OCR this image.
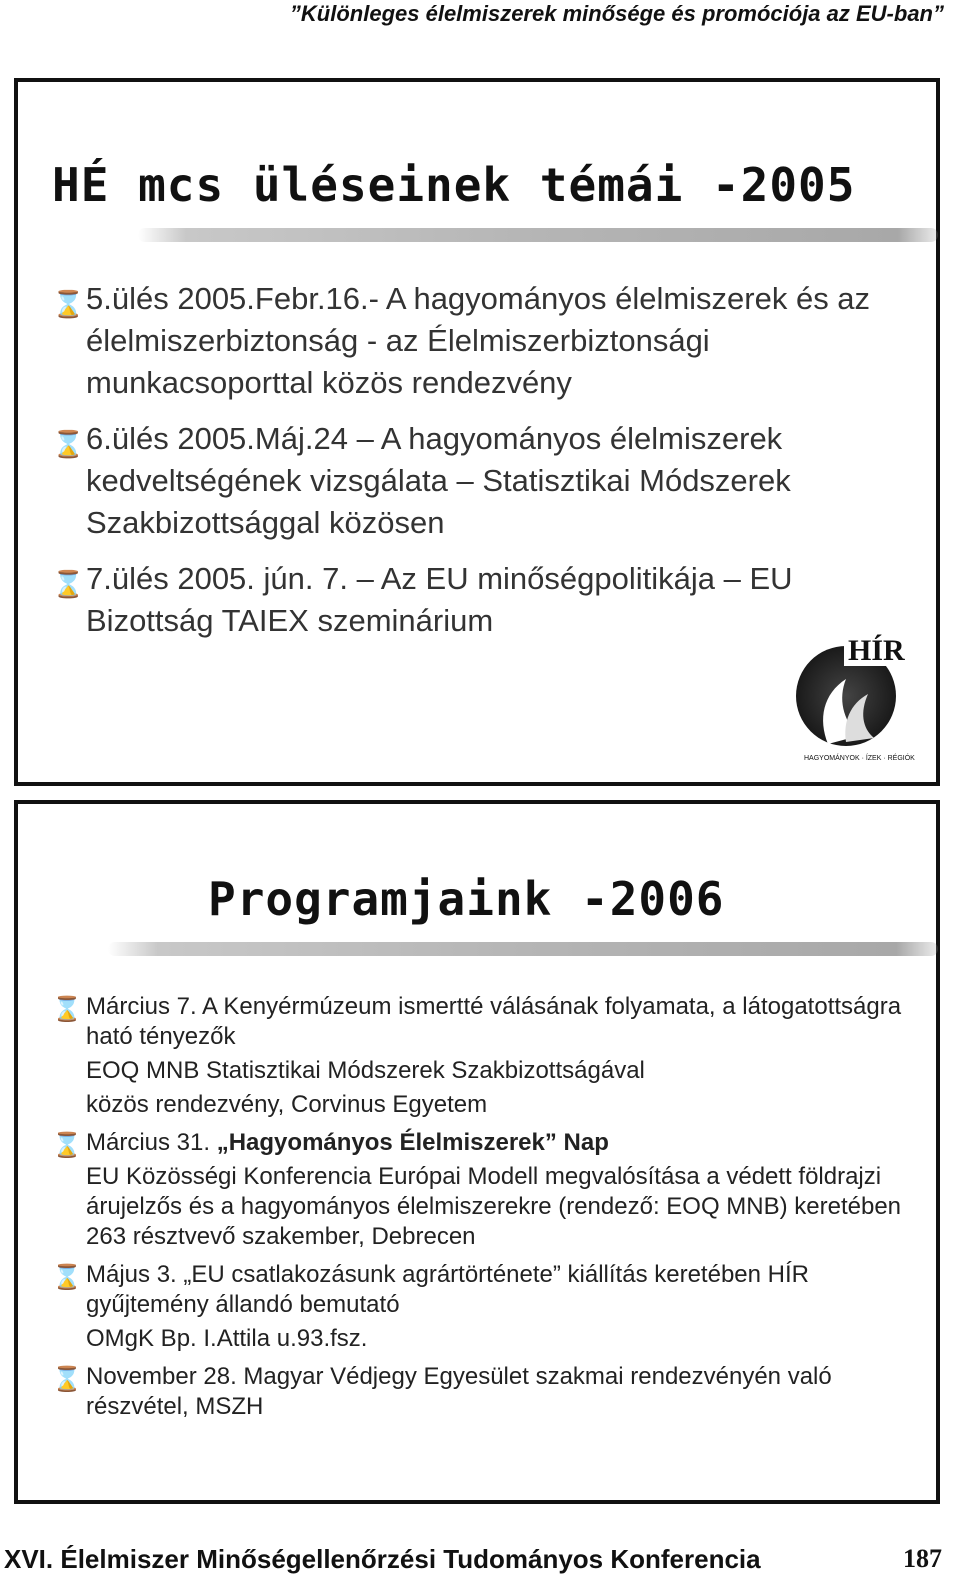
”Különleges élelmiszerek minősége és promóciója az EU-ban”
HÉ mcs üléseinek témái -2005
⌛ 5.ülés 2005.Febr.16.- A hagyományos élelmiszerek és az élelmiszerbiztonság - az Élelmiszerbiztonsági munkacsoporttal közös rendezvény
⌛ 6.ülés 2005.Máj.24 – A hagyományos élelmiszerek kedveltségének vizsgálata – Statisztikai Módszerek Szakbizottsággal közösen
⌛ 7.ülés 2005. jún. 7. – Az EU minőségpolitikája – EU Bizottság TAIEX szeminárium
HÍR
HAGYOMÁNYOK · ÍZEK · RÉGIÓK
Programjaink -2006
⌛ Március 7. A Kenyérmúzeum ismertté válásának folyamata, a látogatottságra ható tényezők
EOQ MNB Statisztikai Módszerek Szakbizottságával
közös rendezvény, Corvinus Egyetem
⌛ Március 31. „Hagyományos Élelmiszerek” Nap
EU Közösségi Konferencia Európai Modell megvalósítása a védett földrajzi árujelzős és a hagyományos élelmiszerekre (rendező: EOQ MNB) keretében 263 résztvevő szakember, Debrecen
⌛ Május 3. „EU csatlakozásunk agrártörténete” kiállítás keretében HÍR gyűjtemény állandó bemutató
OMgK Bp. I.Attila u.93.fsz.
⌛ November 28. Magyar Védjegy Egyesület szakmai rendezvényén való részvétel, MSZH
XVI. Élelmiszer Minőségellenőrzési Tudományos Konferencia	187
